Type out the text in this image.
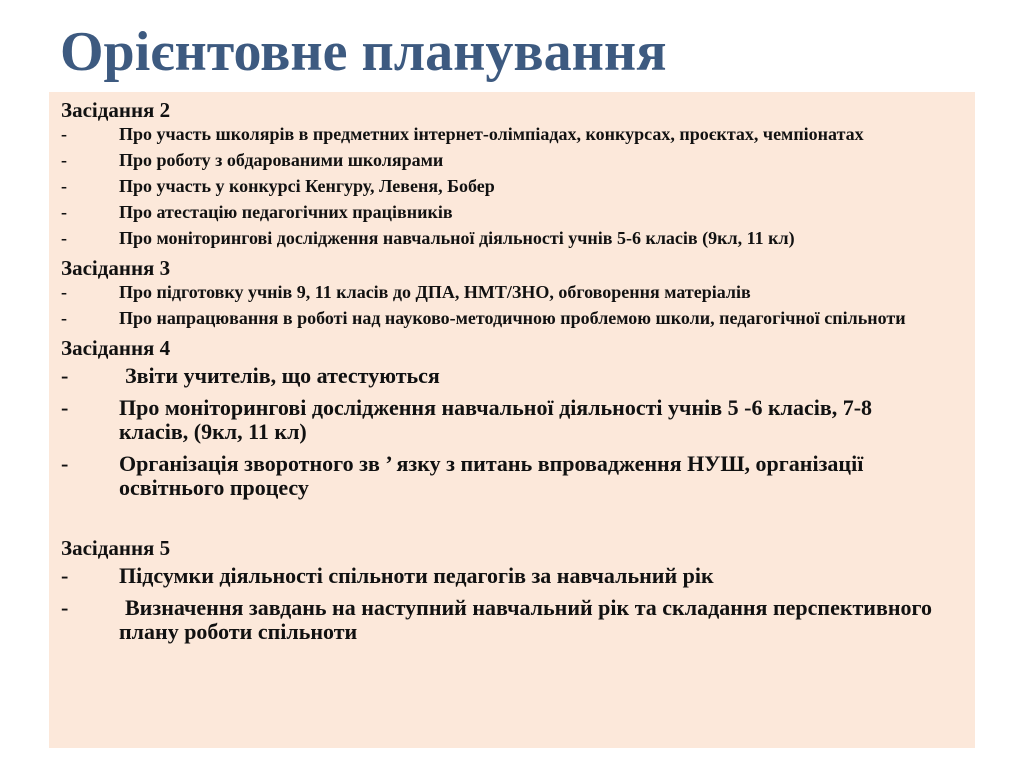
Орієнтовне планування
Засідання 2
-	Про участь школярів в предметних інтернет-олімпіадах, конкурсах, проєктах, чемпіонатах
-	Про роботу з обдарованими школярами
-	Про участь у конкурсі Кенгуру, Левеня, Бобер
-	Про атестацію педагогічних працівників
-	Про моніторингові дослідження навчальної діяльності учнів 5-6 класів (9кл, 11 кл)
Засідання 3
-	Про підготовку учнів 9, 11 класів до ДПА, НМТ/ЗНО, обговорення матеріалів
-	Про напрацювання в роботі над науково-методичною проблемою школи, педагогічної спільноти
Засідання 4
-	Звіти учителів, що атестуються
- Про моніторингові дослідження навчальної діяльності учнів 5 -6 класів, 7-8 класів, (9кл, 11 кл)
- Організація зворотного зв ’ язку з питань впровадження НУШ, організації освітнього процесу
Засідання 5
- Підсумки діяльності спільноти педагогів за навчальний рік
-	Визначення завдань на наступний навчальний рік та складання перспективного плану роботи спільноти
